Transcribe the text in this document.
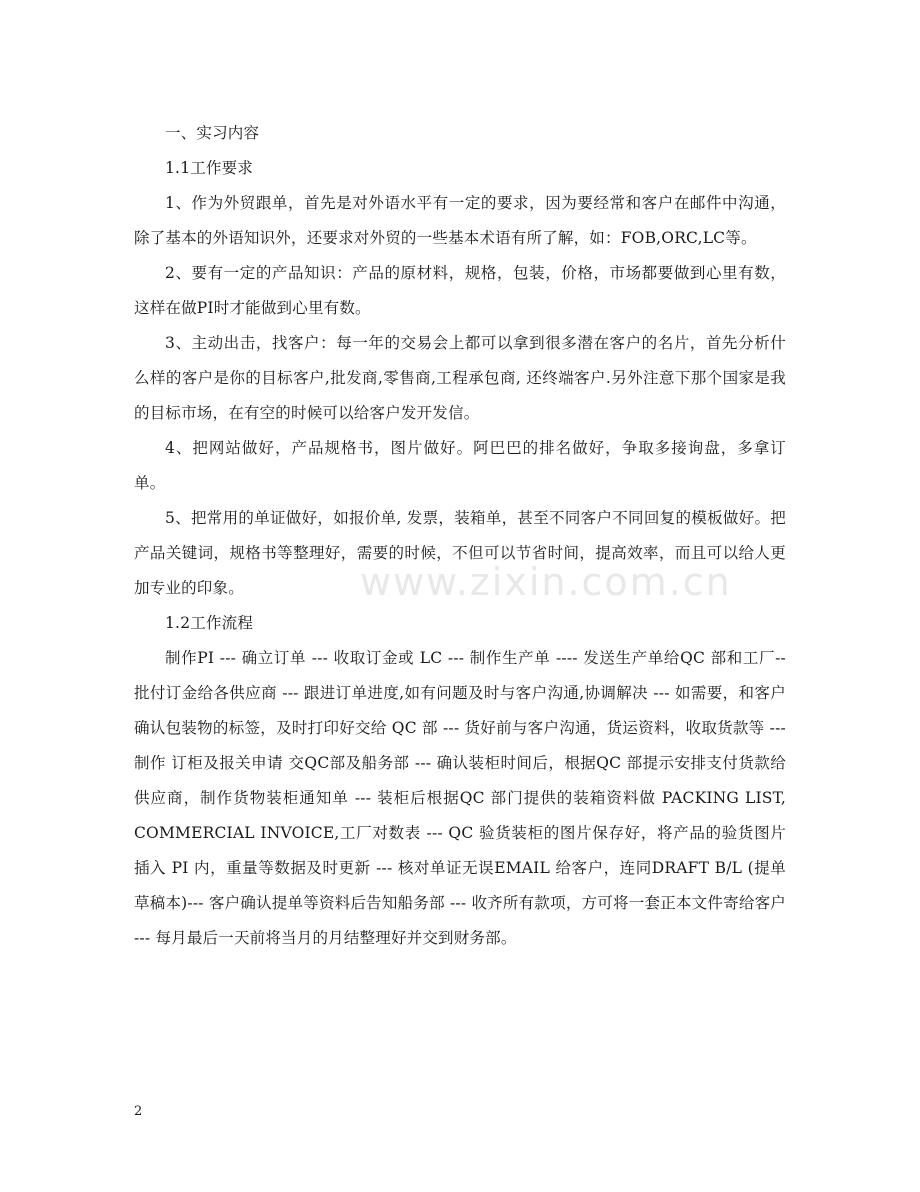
www.zixin.com.cn

一、实习内容

1.1工作要求

1、作为外贸跟单，首先是对外语水平有一定的要求，因为要经常和客户在邮件中沟通，除了基本的外语知识外，还要求对外贸的一些基本术语有所了解，如：FOB,ORC,LC等。

2、要有一定的产品知识：产品的原材料，规格，包装，价格，市场都要做到心里有数，这样在做PI时才能做到心里有数。

3、主动出击，找客户：每一年的交易会上都可以拿到很多潜在客户的名片，首先分析什么样的客户是你的目标客户,批发商,零售商,工程承包商, 还终端客户.另外注意下那个国家是我的目标市场，在有空的时候可以给客户发开发信。

4、把网站做好，产品规格书，图片做好。阿巴巴的排名做好，争取多接询盘，多拿订单。

5、把常用的单证做好，如报价单, 发票，装箱单，甚至不同客户不同回复的模板做好。把产品关键词，规格书等整理好，需要的时候，不但可以节省时间，提高效率，而且可以给人更加专业的印象。

1.2工作流程

制作PI --- 确立订单 --- 收取订金或 LC --- 制作生产单 ---- 发送生产单给QC 部和工厂-- 批付订金给各供应商 --- 跟进订单进度,如有问题及时与客户沟通,协调解决 --- 如需要，和客户确认包装物的标签，及时打印好交给 QC 部 --- 货好前与客户沟通，货运资料，收取货款等 --- 制作 订柜及报关申请 交QC部及船务部 --- 确认装柜时间后，根据QC 部提示安排支付货款给供应商，制作货物装柜通知单 --- 装柜后根据QC 部门提供的装箱资料做 PACKING LIST, COMMERCIAL INVOICE,工厂对数表 --- QC 验货装柜的图片保存好，将产品的验货图片插入 PI 内，重量等数据及时更新 --- 核对单证无误EMAIL 给客户，连同DRAFT B/L (提单草稿本)--- 客户确认提单等资料后告知船务部 --- 收齐所有款项，方可将一套正本文件寄给客户 --- 每月最后一天前将当月的月结整理好并交到财务部。

2
